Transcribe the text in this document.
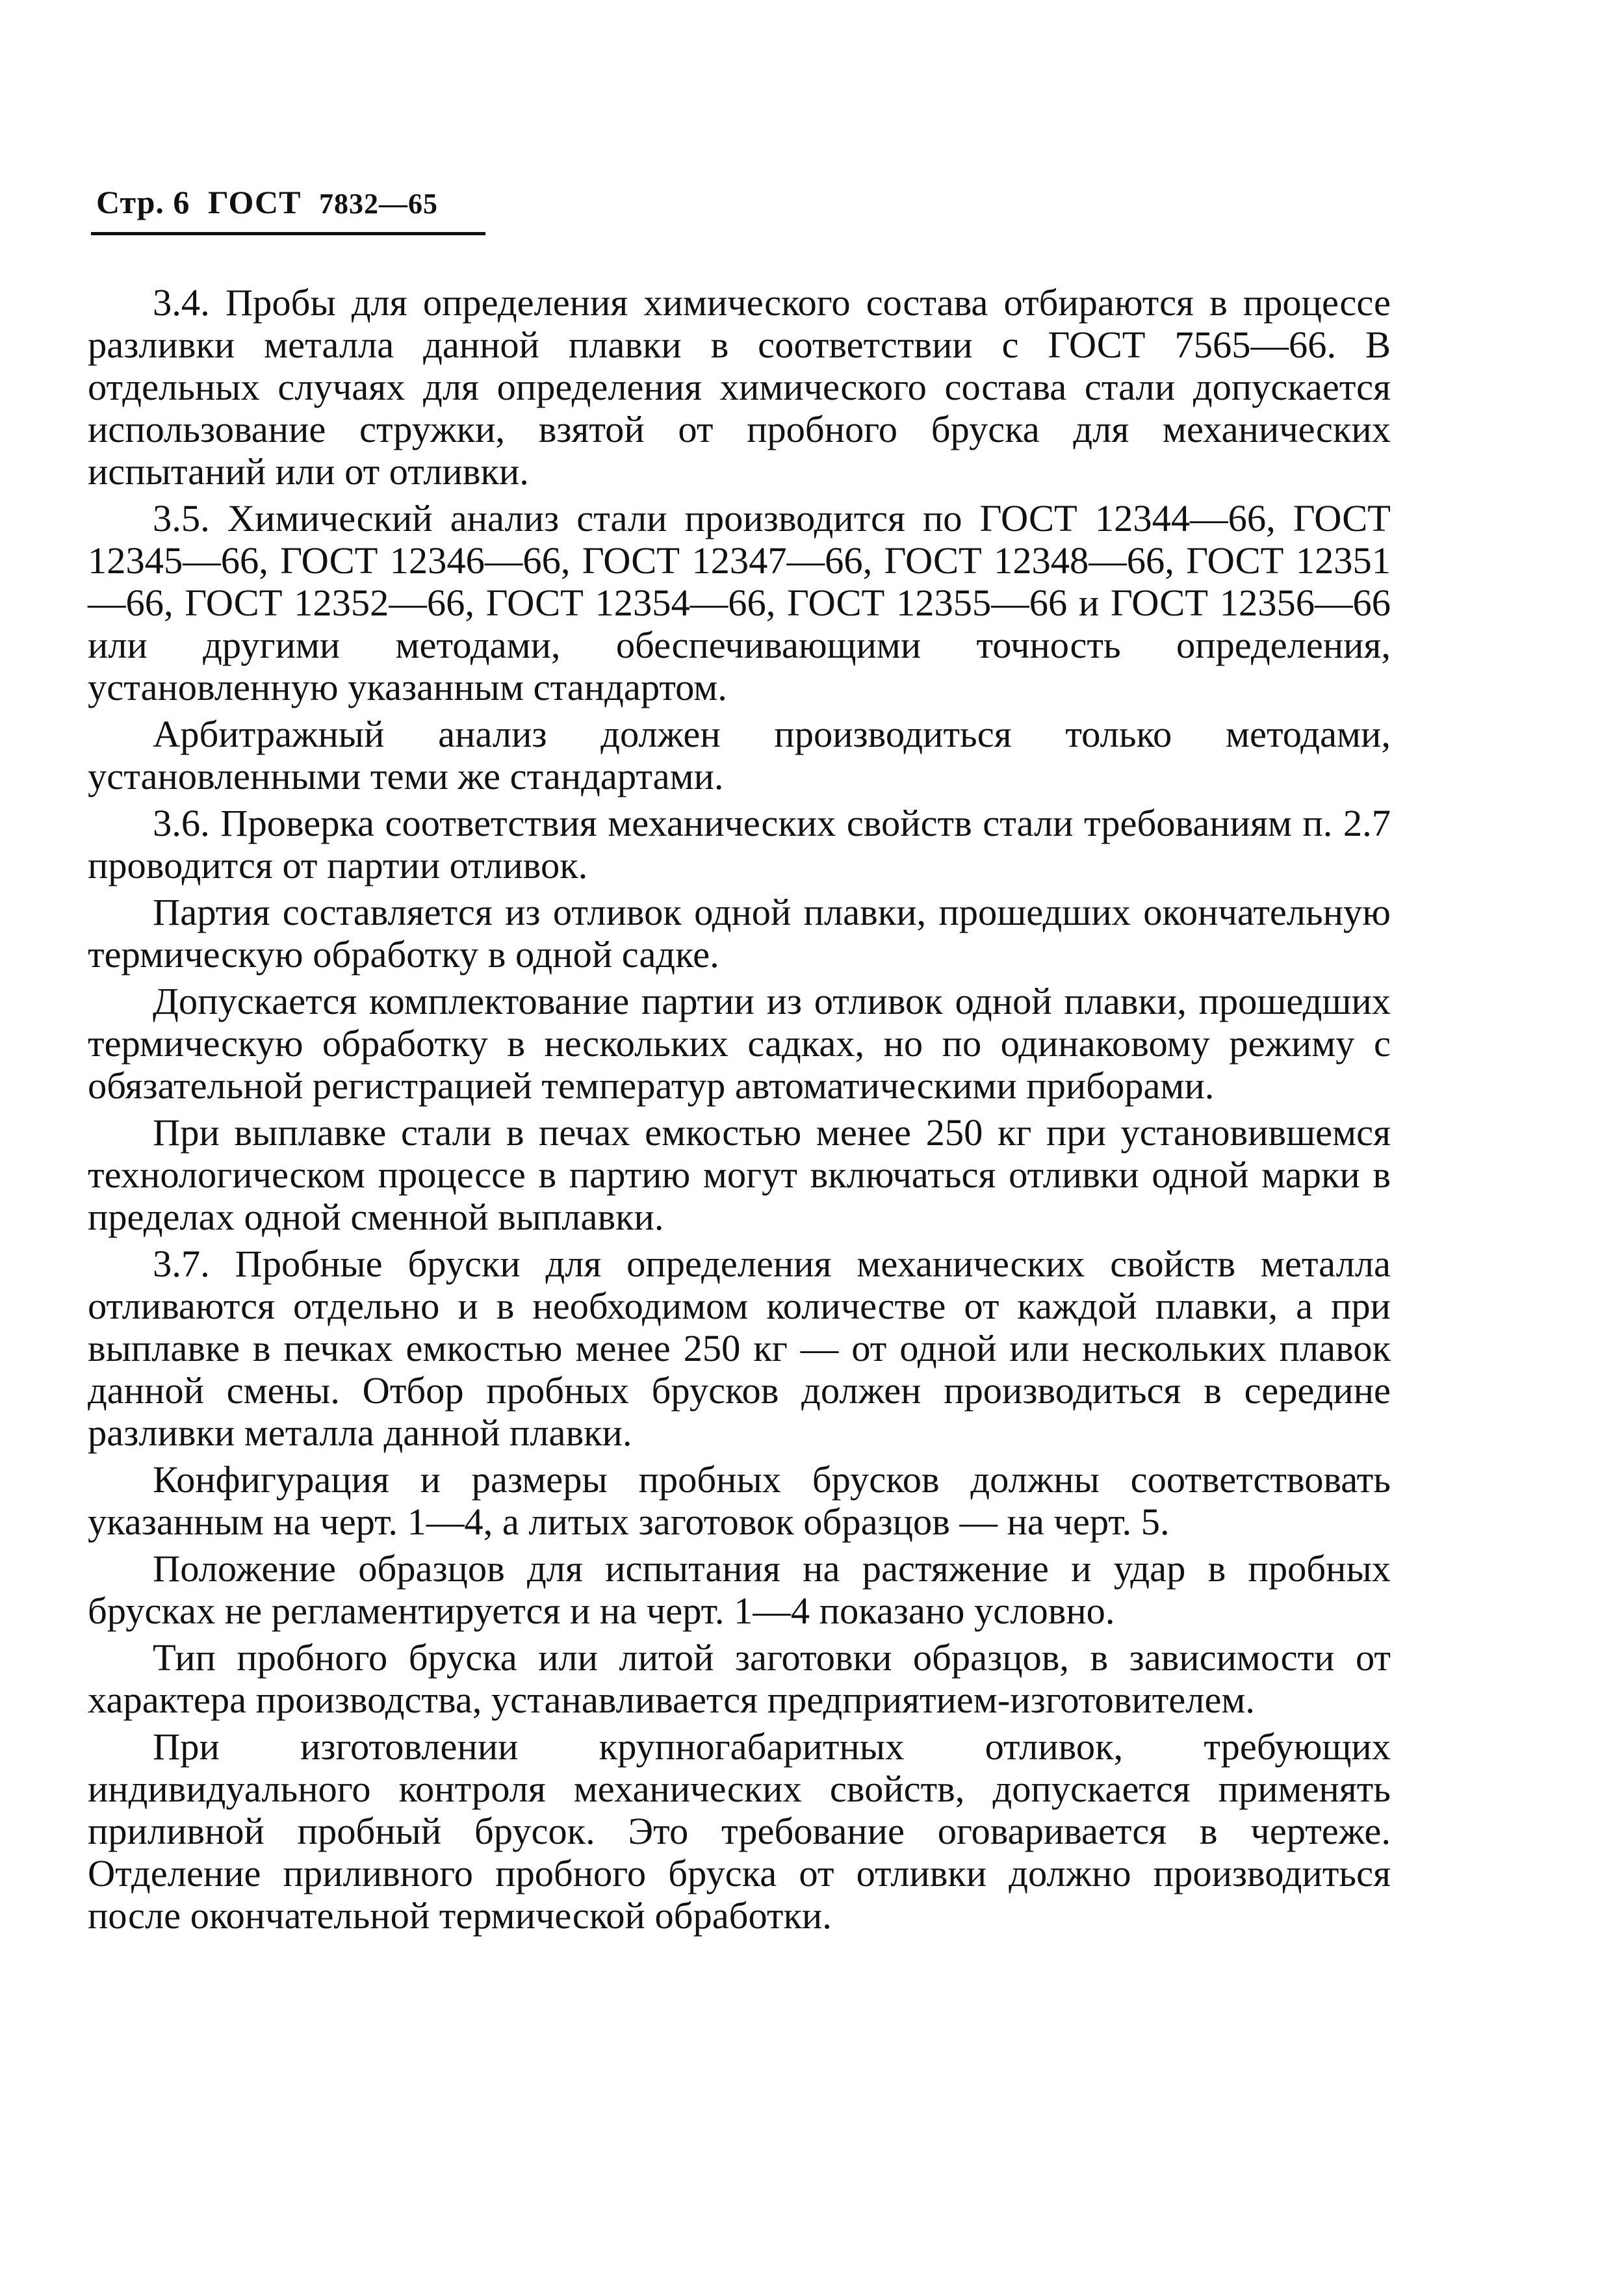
Стр. 6 ГОСТ 7832—65

3.4. Пробы для определения химического состава отбираются в процессе разливки металла данной плавки в соответствии с ГОСТ 7565—66. В отдельных случаях для определения химического состава стали допускается использование стружки, взятой от пробного бруска для механических испытаний или от отливки.

3.5. Химический анализ стали производится по ГОСТ 12344—66, ГОСТ 12345—66, ГОСТ 12346—66, ГОСТ 12347—66, ГОСТ 12348—66, ГОСТ 12351—66, ГОСТ 12352—66, ГОСТ 12354—66, ГОСТ 12355—66 и ГОСТ 12356—66 или другими методами, обеспечивающими точность определения, установленную указанным стандартом.

Арбитражный анализ должен производиться только методами, установленными теми же стандартами.

3.6. Проверка соответствия механических свойств стали требованиям п. 2.7 проводится от партии отливок.

Партия составляется из отливок одной плавки, прошедших окончательную термическую обработку в одной садке.

Допускается комплектование партии из отливок одной плавки, прошедших термическую обработку в нескольких садках, но по одинаковому режиму с обязательной регистрацией температур автоматическими приборами.

При выплавке стали в печах емкостью менее 250 кг при установившемся технологическом процессе в партию могут включаться отливки одной марки в пределах одной сменной выплавки.

3.7. Пробные бруски для определения механических свойств металла отливаются отдельно и в необходимом количестве от каждой плавки, а при выплавке в печках емкостью менее 250 кг — от одной или нескольких плавок данной смены. Отбор пробных брусков должен производиться в середине разливки металла данной плавки.

Конфигурация и размеры пробных брусков должны соответствовать указанным на черт. 1—4, а литых заготовок образцов — на черт. 5.

Положение образцов для испытания на растяжение и удар в пробных брусках не регламентируется и на черт. 1—4 показано условно.

Тип пробного бруска или литой заготовки образцов, в зависимости от характера производства, устанавливается предприятием-изготовителем.

При изготовлении крупногабаритных отливок, требующих индивидуального контроля механических свойств, допускается применять приливной пробный брусок. Это требование оговаривается в чертеже. Отделение приливного пробного бруска от отливки должно производиться после окончательной термической обработки.
